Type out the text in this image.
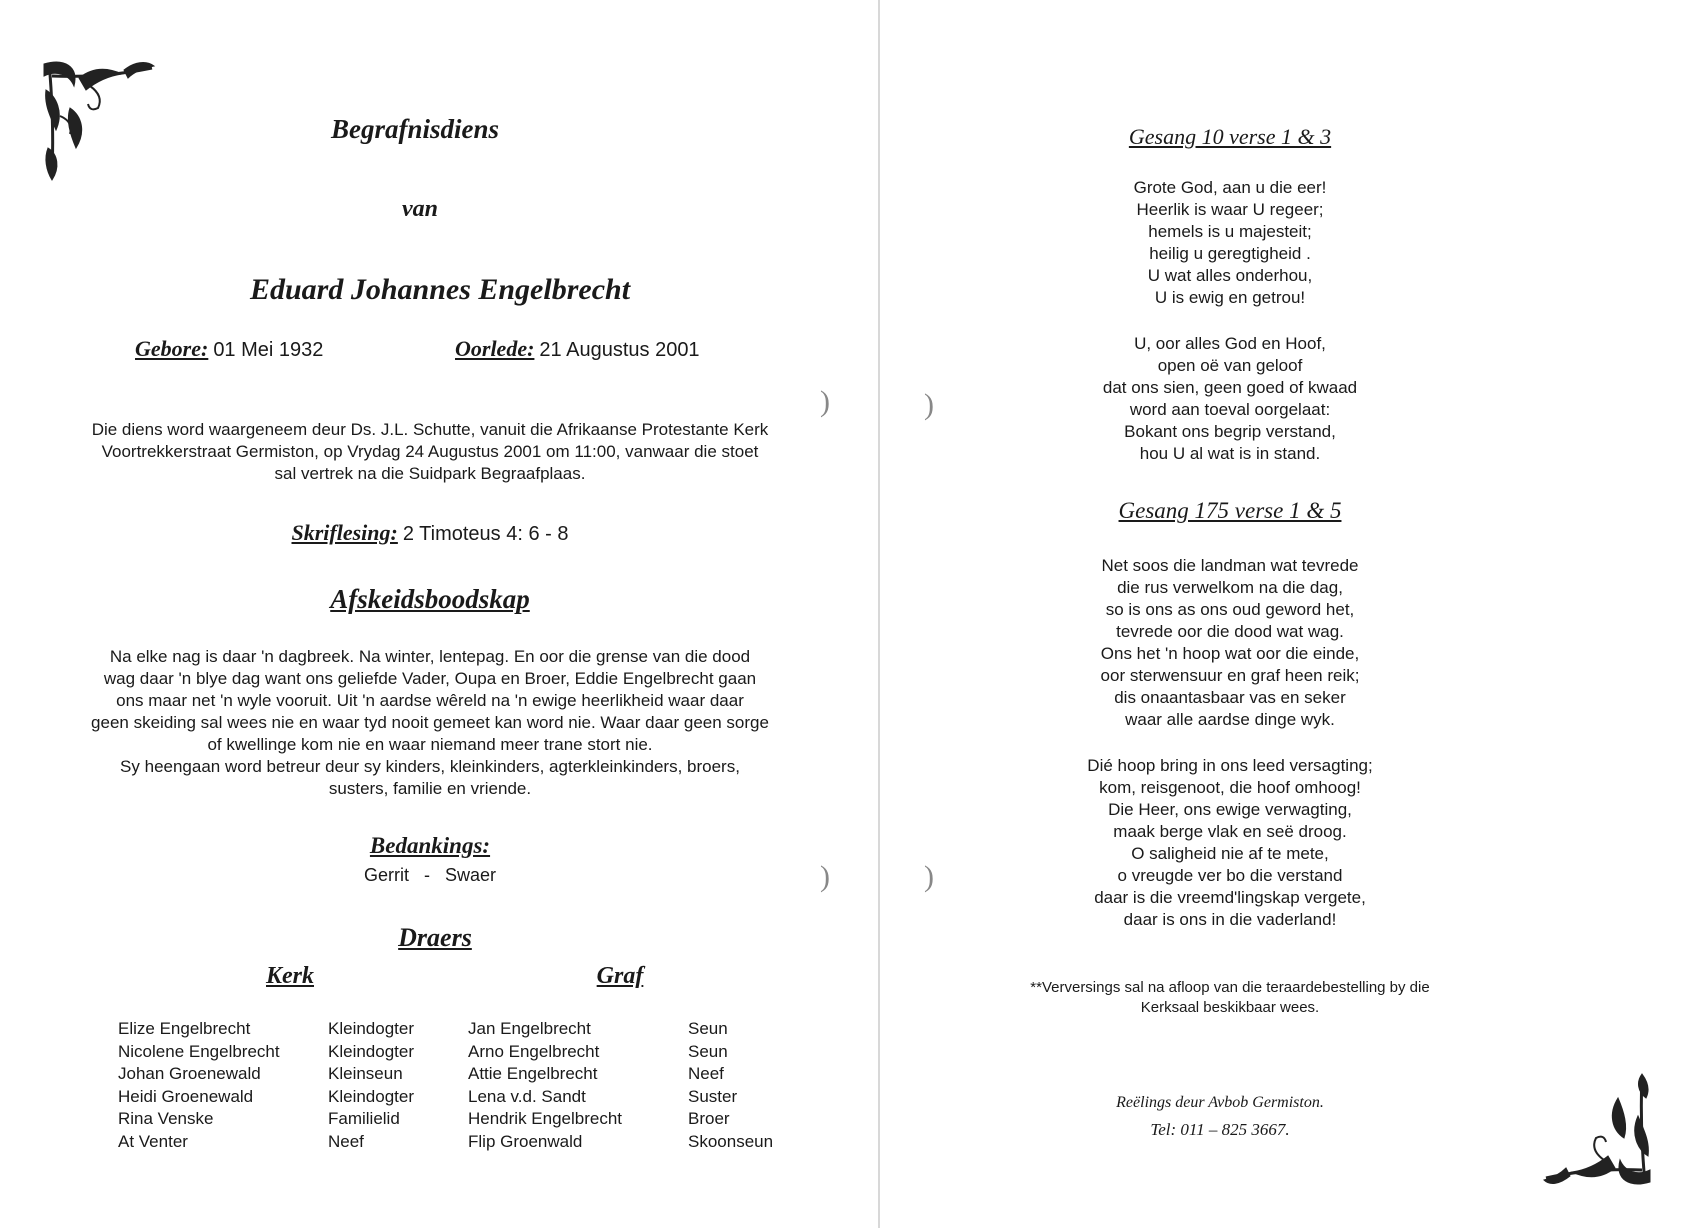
Begrafnisdiens
van
Eduard Johannes Engelbrecht
Gebore: 01 Mei 1932	Oorlede: 21 Augustus 2001
Die diens word waargeneem deur Ds. J.L. Schutte, vanuit die Afrikaanse Protestante Kerk
Voortrekkerstraat Germiston, op Vrydag 24 Augustus 2001 om 11:00, vanwaar die stoet
sal vertrek na die Suidpark Begraafplaas.
Skriflesing: 2 Timoteus 4: 6 - 8
Afskeidsboodskap
Na elke nag is daar 'n dagbreek. Na winter, lentepag. En oor die grense van die dood
wag daar 'n blye dag want ons geliefde Vader, Oupa en Broer, Eddie Engelbrecht gaan
ons maar net 'n wyle vooruit. Uit 'n aardse wêreld na 'n ewige heerlikheid waar daar
geen skeiding sal wees nie en waar tyd nooit gemeet kan word nie. Waar daar geen sorge
of kwellinge kom nie en waar niemand meer trane stort nie.
Sy heengaan word betreur deur sy kinders, kleinkinders, agterkleinkinders, broers,
susters, familie en vriende.
Bedankings:
Gerrit   -   Swaer
Draers
Kerk	Graf
Elize Engelbrecht
Nicolene Engelbrecht
Johan Groenewald
Heidi Groenewald
Rina Venske
At Venter
Kleindogter
Kleindogter
Kleinseun
Kleindogter
Familielid
Neef
Jan Engelbrecht
Arno Engelbrecht
Attie Engelbrecht
Lena v.d. Sandt
Hendrik Engelbrecht
Flip Groenwald
Seun
Seun
Neef
Suster
Broer
Skoonseun
)
)
)
)
Gesang 10 verse 1 & 3
Grote God, aan u die eer!
Heerlik is waar U regeer;
hemels is u majesteit;
heilig u geregtigheid .
U wat alles onderhou,
U is ewig en getrou!
U, oor alles God en Hoof,
open oë van geloof
dat ons sien, geen goed of kwaad
word aan toeval oorgelaat:
Bokant ons begrip verstand,
hou U al wat is in stand.
Gesang 175 verse 1 & 5
Net soos die landman wat tevrede
die rus verwelkom na die dag,
so is ons as ons oud geword het,
tevrede oor die dood wat wag.
Ons het 'n hoop wat oor die einde,
oor sterwensuur en graf heen reik;
dis onaantasbaar vas en seker
waar alle aardse dinge wyk.
Dié hoop bring in ons leed versagting;
kom, reisgenoot, die hoof omhoog!
Die Heer, ons ewige verwagting,
maak berge vlak en seë droog.
O saligheid nie af te mete,
o vreugde ver bo die verstand
daar is die vreemd'lingskap vergete,
daar is ons in die vaderland!
**Verversings sal na afloop van die teraardebestelling by die
Kerksaal beskikbaar wees.
Reëlings deur Avbob Germiston.
Tel: 011 – 825 3667.
